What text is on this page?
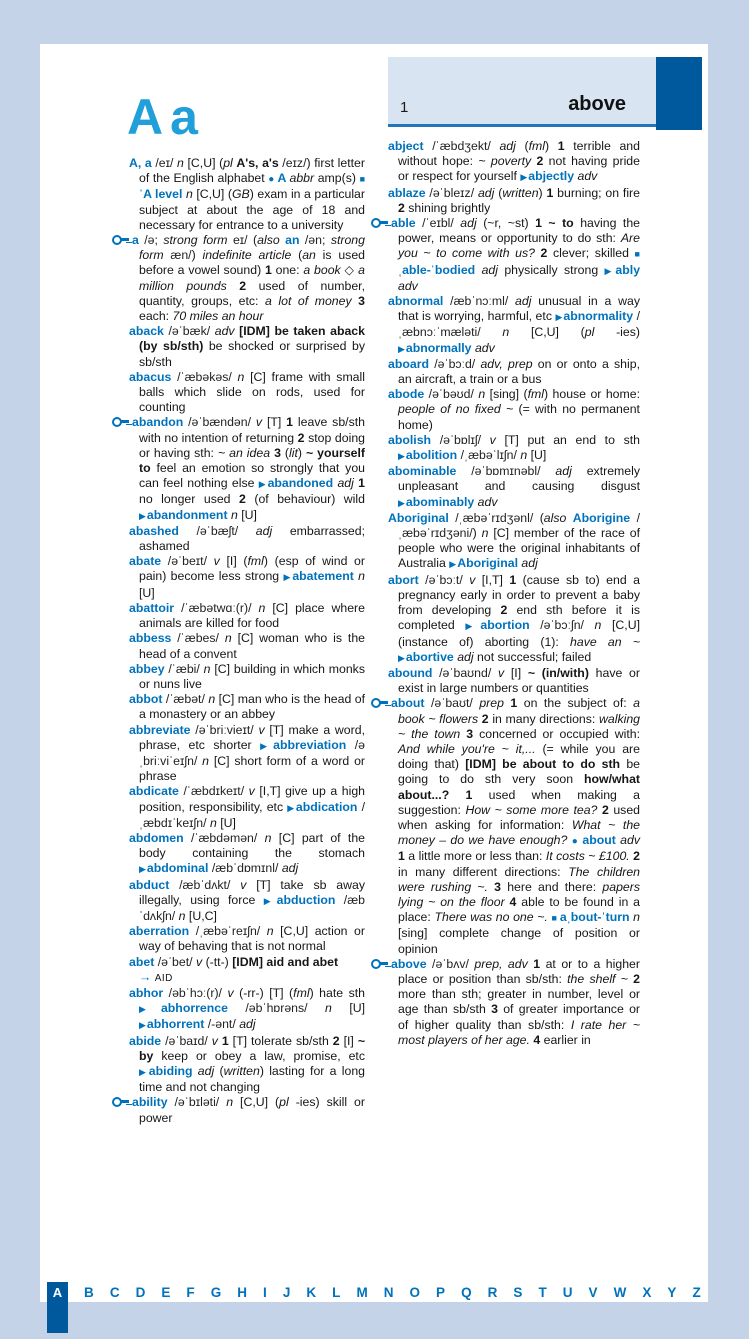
Aa	1	above
A, a /eɪ/ n [C,U] (pl A's, a's /eɪz/) first letter of the English alphabet ● A abbr amp(s) ■ ˈA level n [C,U] (GB) exam in a particular subject at about the age of 18 and necessary for entrance to a university
a /ə; strong form eɪ/ (also an /ən; strong form æn/) indefinite article (an is used before a vowel sound) 1 one: a book ◇ a million pounds 2 used of number, quantity, groups, etc: a lot of money 3 each: 70 miles an hour
aback /əˈbæk/ adv [IDM] be taken aback (by sb/sth) be shocked or surprised by sb/sth
abacus /ˈæbəkəs/ n [C] frame with small balls which slide on rods, used for counting
abandon /əˈbændən/ v [T] 1 leave sb/sth with no intention of returning 2 stop doing or having sth: ~ an idea 3 (lit) ~ yourself to feel an emotion so strongly that you can feel nothing else ▶abandoned adj 1 no longer used 2 (of behaviour) wild ▶abandonment n [U]
abashed /əˈbæʃt/ adj embarrassed; ashamed
abate /əˈbeɪt/ v [I] (fml) (esp of wind or pain) become less strong ▶abatement n [U]
abattoir /ˈæbətwɑː(r)/ n [C] place where animals are killed for food
abbess /ˈæbes/ n [C] woman who is the head of a convent
abbey /ˈæbi/ n [C] building in which monks or nuns live
abbot /ˈæbət/ n [C] man who is the head of a monastery or an abbey
abbreviate /əˈbriːvieɪt/ v [T] make a word, phrase, etc shorter ▶abbreviation /əˌbriːviˈeɪʃn/ n [C] short form of a word or phrase
abdicate /ˈæbdɪkeɪt/ v [I,T] give up a high position, responsibility, etc ▶abdication /ˌæbdɪˈkeɪʃn/ n [U]
abdomen /ˈæbdəmən/ n [C] part of the body containing the stomach ▶abdominal /æbˈdɒmɪnl/ adj
abduct /æbˈdʌkt/ v [T] take sb away illegally, using force ▶abduction /æbˈdʌkʃn/ n [U,C]
aberration /ˌæbəˈreɪʃn/ n [C,U] action or way of behaving that is not normal
abet /əˈbet/ v (-tt-) [IDM] aid and abet
→ AID
abhor /əbˈhɔː(r)/ v (-rr-) [T] (fml) hate sth ▶abhorrence /əbˈhɒrəns/ n [U] ▶abhorrent /-ənt/ adj
abide /əˈbaɪd/ v 1 [T] tolerate sb/sth 2 [I] ~ by keep or obey a law, promise, etc ▶abiding adj (written) lasting for a long time and not changing
ability /əˈbɪləti/ n [C,U] (pl -ies) skill or power
abject /ˈæbdʒekt/ adj (fml) 1 terrible and without hope: ~ poverty 2 not having pride or respect for yourself ▶abjectly adv
ablaze /əˈbleɪz/ adj (written) 1 burning; on fire 2 shining brightly
able /ˈeɪbl/ adj (~r, ~st) 1 ~ to having the power, means or opportunity to do sth: Are you ~ to come with us? 2 clever; skilled ■ ˌable-ˈbodied adj physically strong ▶ably adv
abnormal /æbˈnɔːml/ adj unusual in a way that is worrying, harmful, etc ▶abnormality /ˌæbnɔːˈmæləti/ n [C,U] (pl -ies) ▶abnormally adv
aboard /əˈbɔːd/ adv, prep on or onto a ship, an aircraft, a train or a bus
abode /əˈbəʊd/ n [sing] (fml) house or home: people of no fixed ~ (= with no permanent home)
abolish /əˈbɒlɪʃ/ v [T] put an end to sth ▶abolition /ˌæbəˈlɪʃn/ n [U]
abominable /əˈbɒmɪnəbl/ adj extremely unpleasant and causing disgust ▶abominably adv
Aboriginal /ˌæbəˈrɪdʒənl/ (also Aborigine /ˌæbəˈrɪdʒəni/) n [C] member of the race of people who were the original inhabitants of Australia ▶Aboriginal adj
abort /əˈbɔːt/ v [I,T] 1 (cause sb to) end a pregnancy early in order to prevent a baby from developing 2 end sth before it is completed ▶abortion /əˈbɔːʃn/ n [C,U] (instance of) aborting (1): have an ~ ▶abortive adj not successful; failed
abound /əˈbaʊnd/ v [I] ~ (in/with) have or exist in large numbers or quantities
about /əˈbaʊt/ prep 1 on the subject of: a book ~ flowers 2 in many directions: walking ~ the town 3 concerned or occupied with: And while you're ~ it,... (= while you are doing that) [IDM] be about to do sth be going to do sth very soon how/what about...? 1 used when making a suggestion: How ~ some more tea? 2 used when asking for information: What ~ the money – do we have enough? ● about adv 1 a little more or less than: It costs ~ £100. 2 in many different directions: The children were rushing ~. 3 here and there: papers lying ~ on the floor 4 able to be found in a place: There was no one ~. ■ aˌbout-ˈturn n [sing] complete change of position or opinion
above /əˈbʌv/ prep, adv 1 at or to a higher place or position than sb/sth: the shelf ~ 2 more than sth; greater in number, level or age than sb/sth 3 of greater importance or of higher quality than sb/sth: I rate her ~ most players of her age. 4 earlier in
A	B C D E F G H I J K L M N O P Q R S T U V W X Y Z
